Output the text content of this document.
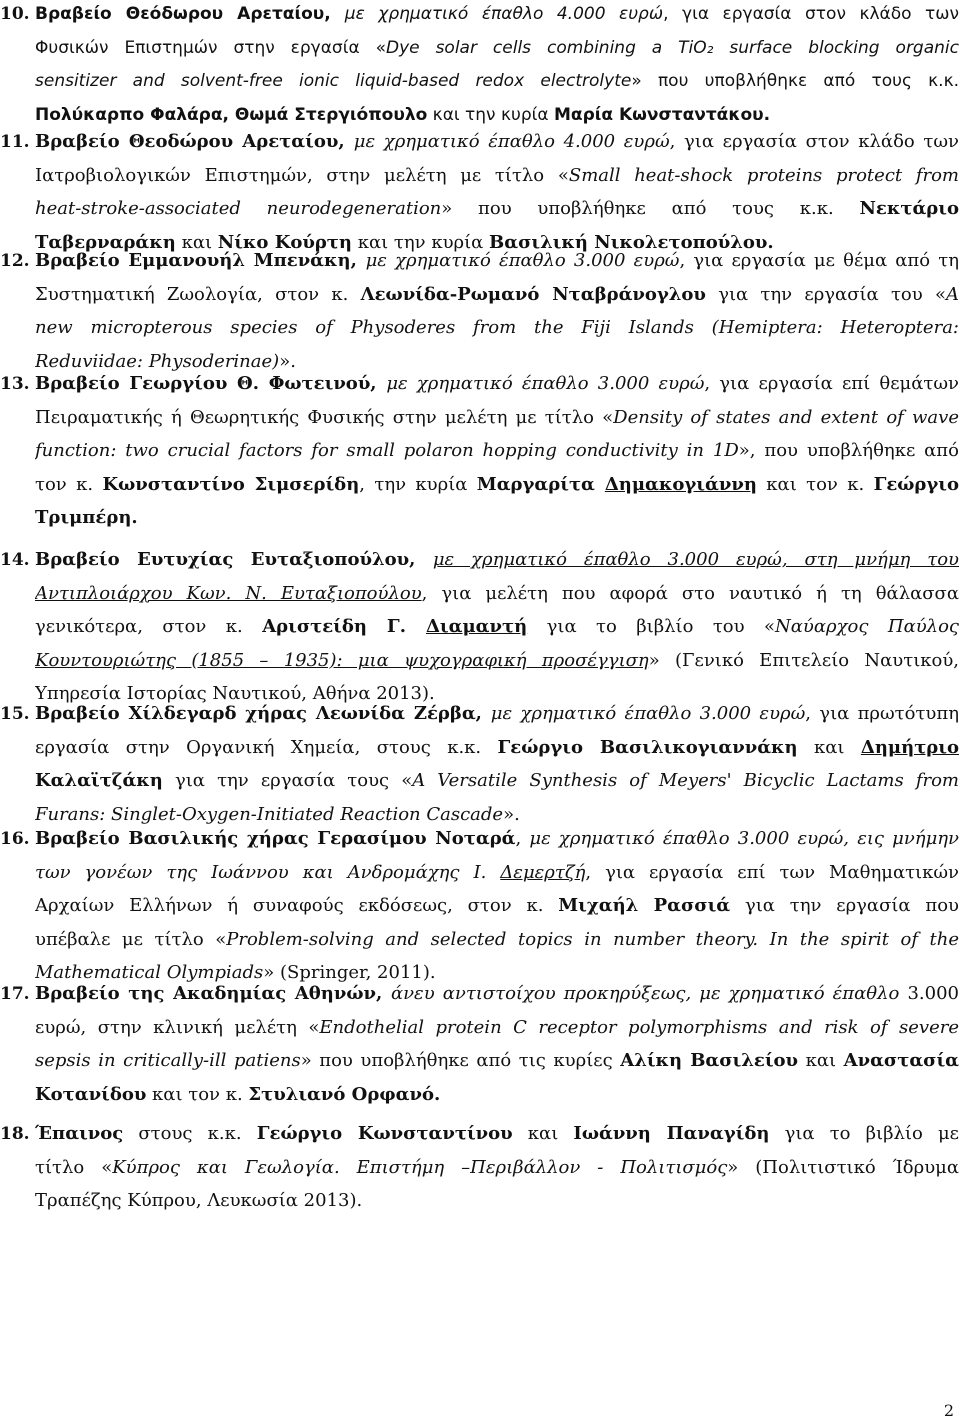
10. Βραβείο Θεόδωρου Αρεταίου, με χρηματικό έπαθλο 4.000 ευρώ, για εργασία στον κλάδο των
Φυσικών Επιστημών στην εργασία «Dye solar cells combining a TiO₂ surface blocking organic
sensitizer and solvent-free ionic liquid-based redox electrolyte» που υποβλήθηκε από τους κ.κ.
Πολύκαρπο Φαλάρα, Θωμά Στεργιόπουλο και την κυρία Μαρία Κωνσταντάκου.
11. Βραβείο Θεοδώρου Αρεταίου, με χρηματικό έπαθλο 4.000 ευρώ, για εργασία στον κλάδο των
Ιατροβιολογικών Επιστημών, στην μελέτη με τίτλο «Small heat-shock proteins protect from
heat-stroke-associated neurodegeneration» που υποβλήθηκε από τους κ.κ. Νεκτάριο
Ταβερναράκη και Νίκο Κούρτη και την κυρία Βασιλική Νικολετοπούλου.
12. Βραβείο Εμμανουήλ Μπενάκη, με χρηματικό έπαθλο 3.000 ευρώ, για εργασία με θέμα από τη
Συστηματική Ζωολογία, στον κ. Λεωνίδα-Ρωμανό Νταβράνογλου για την εργασία του «A
new micropterous species of Physoderes from the Fiji Islands (Hemiptera: Heteroptera:
Reduviidae: Physoderinae)».
13. Βραβείο Γεωργίου Θ. Φωτεινού, με χρηματικό έπαθλο 3.000 ευρώ, για εργασία επί θεμάτων
Πειραματικής ή Θεωρητικής Φυσικής στην μελέτη με τίτλο «Density of states and extent of wave
function: two crucial factors for small polaron hopping conductivity in 1D», που υποβλήθηκε από
τον κ. Κωνσταντίνο Σιμσερίδη, την κυρία Μαργαρίτα Δημακογιάννη και τον κ. Γεώργιο
Τριμπέρη.
14. Βραβείο Ευτυχίας Ευταξιοπούλου, με χρηματικό έπαθλο 3.000 ευρώ, στη μνήμη του
Αντιπλοιάρχου Κων. Ν. Ευταξιοπούλου, για μελέτη που αφορά στο ναυτικό ή τη θάλασσα
γενικότερα, στον κ. Αριστείδη Γ. Διαμαντή για το βιβλίο του «Ναύαρχος Παύλος
Κουντουριώτης (1855 – 1935): μια ψυχογραφική προσέγγιση» (Γενικό Επιτελείο Ναυτικού,
Υπηρεσία Ιστορίας Ναυτικού, Αθήνα 2013).
15. Βραβείο Χίλδεγαρδ χήρας Λεωνίδα Ζέρβα, με χρηματικό έπαθλο 3.000 ευρώ, για πρωτότυπη
εργασία στην Οργανική Χημεία, στους κ.κ. Γεώργιο Βασιλικογιαννάκη και Δημήτριο
Καλαϊτζάκη για την εργασία τους «A Versatile Synthesis of Meyers' Bicyclic Lactams from
Furans: Singlet-Oxygen-Initiated Reaction Cascade».
16. Βραβείο Βασιλικής χήρας Γερασίμου Νοταρά, με χρηματικό έπαθλο 3.000 ευρώ, εις μνήμην
των γονέων της Ιωάννου και Ανδρομάχης Ι. Δεμερτζή, για εργασία επί των Μαθηματικών
Αρχαίων Ελλήνων ή συναφούς εκδόσεως, στον κ. Μιχαήλ Ρασσιά για την εργασία που
υπέβαλε με τίτλο «Problem-solving and selected topics in number theory. In the spirit of the
Mathematical Olympiads» (Springer, 2011).
17. Βραβείο της Ακαδημίας Αθηνών, άνευ αντιστοίχου προκηρύξεως, με χρηματικό έπαθλο 3.000
ευρώ, στην κλινική μελέτη «Endothelial protein C receptor polymorphisms and risk of severe
sepsis in critically-ill patiens» που υποβλήθηκε από τις κυρίες Αλίκη Βασιλείου και Αναστασία
Κοτανίδου και τον κ. Στυλιανό Ορφανό.
18. Έπαινος στους κ.κ. Γεώργιο Κωνσταντίνου και Ιωάννη Παναγίδη για το βιβλίο με
τίτλο «Κύπρος και Γεωλογία. Επιστήμη –Περιβάλλον - Πολιτισμός» (Πολιτιστικό Ίδρυμα
Τραπέζης Κύπρου, Λευκωσία 2013).
2
